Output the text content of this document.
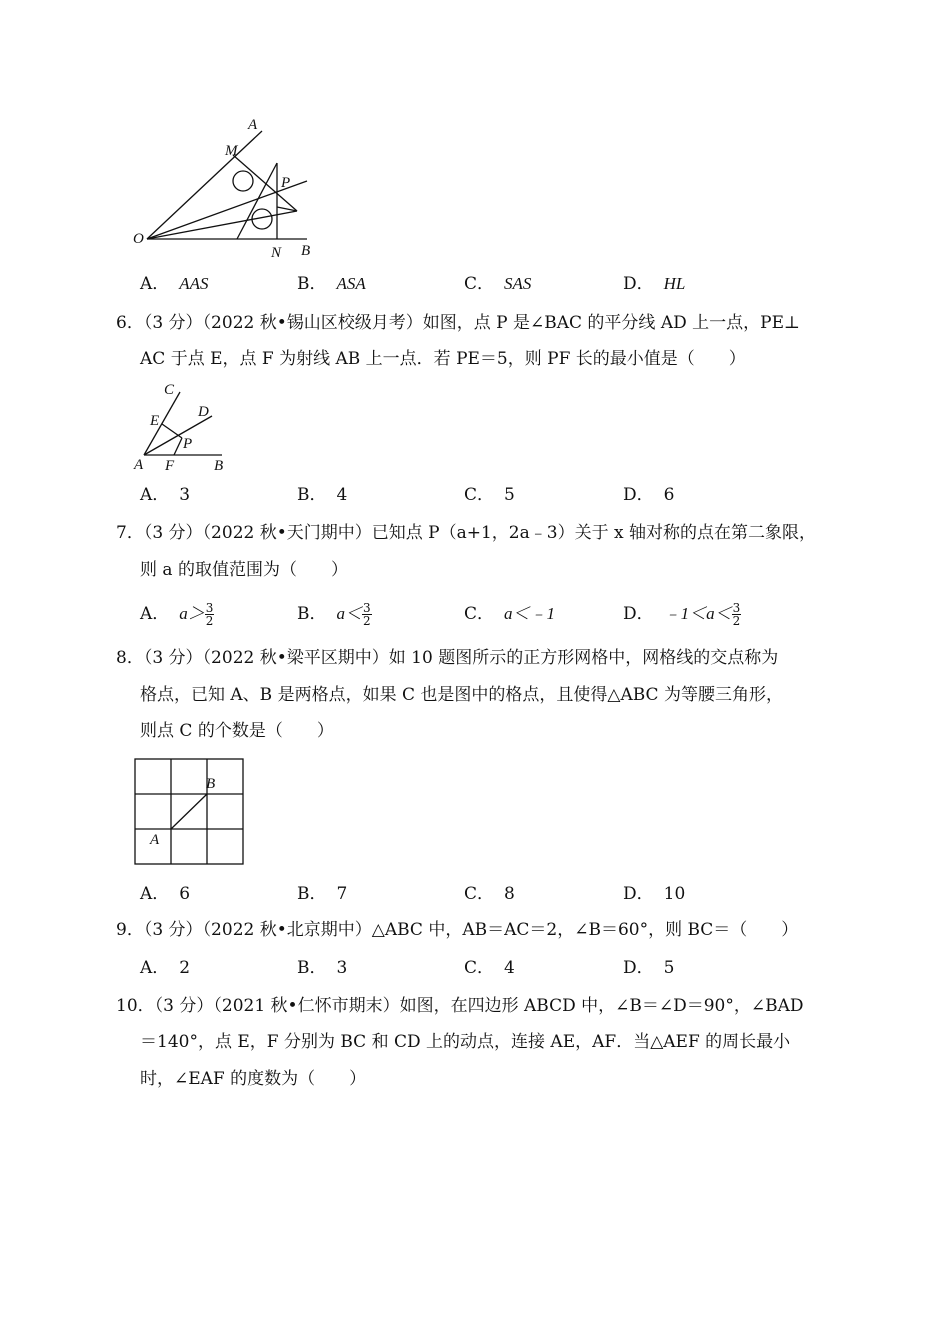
A
M
P
O
N B
A． AAS	B． ASA	C． SAS	D． HL
6．（3 分）（2022 秋•锡山区校级月考）如图，点 P 是∠BAC 的平分线 AD 上一点，PE⊥
AC 于点 E，点 F 为射线 AB 上一点．若 PE＝5，则 PF 长的最小值是（　　）
C
E
D
P
A F	B
A． 3	B． 4	C． 5	D． 6
7．（3 分）（2022 秋•天门期中）已知点 P（a+1，2a﹣3）关于 x 轴对称的点在第二象限，
则 a 的取值范围为（　　）
A． $a> \frac{3}{2}$	B． $a< \frac{3}{2}$	C． a＜﹣1	D． ﹣1＜a＜ $\frac{3}{2}$
8．（3 分）（2022 秋•梁平区期中）如 10 题图所示的正方形网格中，网格线的交点称为
格点，已知 A、B 是两格点，如果 C 也是图中的格点，且使得△ABC 为等腰三角形，
则点 C 的个数是（　　）
B
A
A． 6	B． 7	C． 8	D． 10
9．（3 分）（2022 秋•北京期中）△ABC 中，AB＝AC＝2，∠B＝60°，则 BC＝（　　）
A． 2	B． 3	C． 4	D． 5
10．（3 分）（2021 秋•仁怀市期末）如图，在四边形 ABCD 中，∠B＝∠D＝90°，∠BAD
＝140°，点 E，F 分别为 BC 和 CD 上的动点，连接 AE，AF．当△AEF 的周长最小
时，∠EAF 的度数为（　　）
